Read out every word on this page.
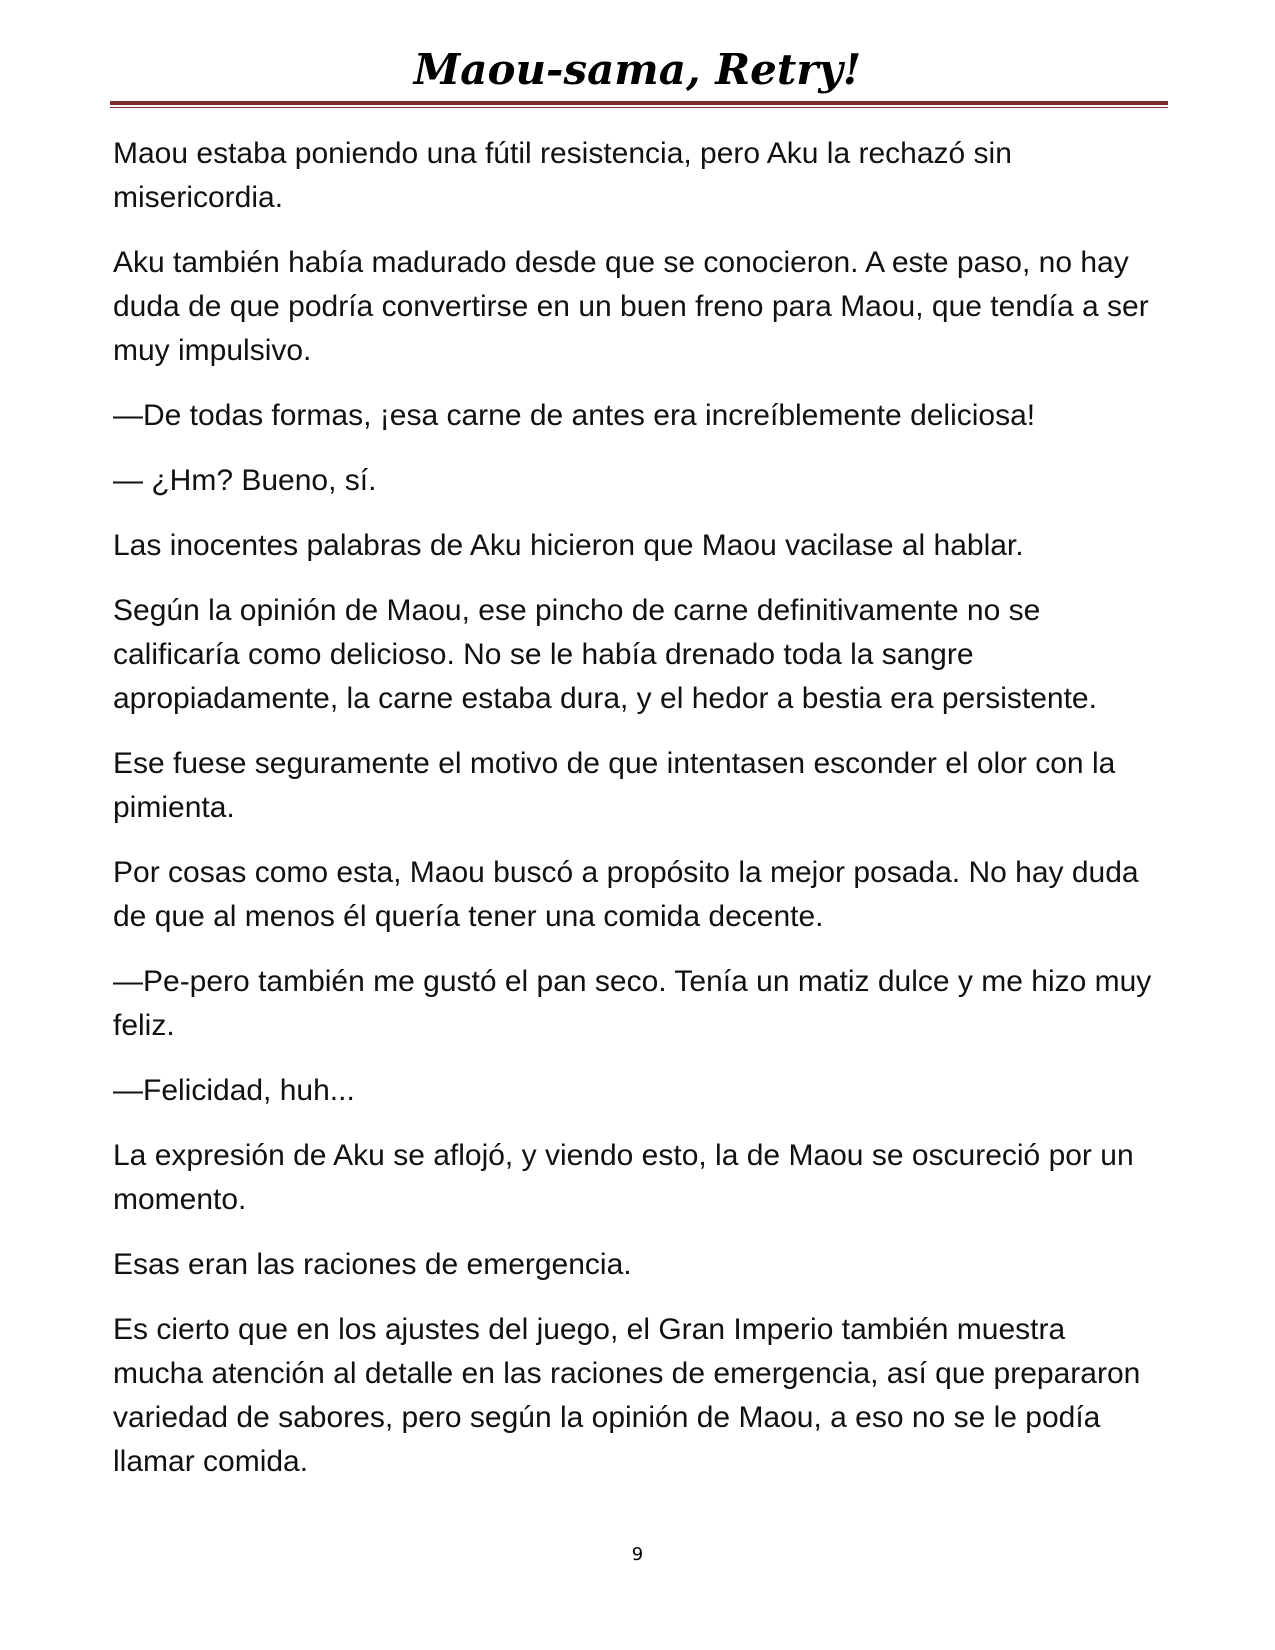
Maou-sama, Retry!

Maou estaba poniendo una fútil resistencia, pero Aku la rechazó sin misericordia.

Aku también había madurado desde que se conocieron. A este paso, no hay duda de que podría convertirse en un buen freno para Maou, que tendía a ser muy impulsivo.

—De todas formas, ¡esa carne de antes era increíblemente deliciosa!

— ¿Hm? Bueno, sí.

Las inocentes palabras de Aku hicieron que Maou vacilase al hablar.

Según la opinión de Maou, ese pincho de carne definitivamente no se calificaría como delicioso. No se le había drenado toda la sangre apropiadamente, la carne estaba dura, y el hedor a bestia era persistente.

Ese fuese seguramente el motivo de que intentasen esconder el olor con la pimienta.

Por cosas como esta, Maou buscó a propósito la mejor posada. No hay duda de que al menos él quería tener una comida decente.

—Pe-pero también me gustó el pan seco. Tenía un matiz dulce y me hizo muy feliz.

—Felicidad, huh...

La expresión de Aku se aflojó, y viendo esto, la de Maou se oscureció por un momento.

Esas eran las raciones de emergencia.

Es cierto que en los ajustes del juego, el Gran Imperio también muestra mucha atención al detalle en las raciones de emergencia, así que prepararon variedad de sabores, pero según la opinión de Maou, a eso no se le podía llamar comida.

9
